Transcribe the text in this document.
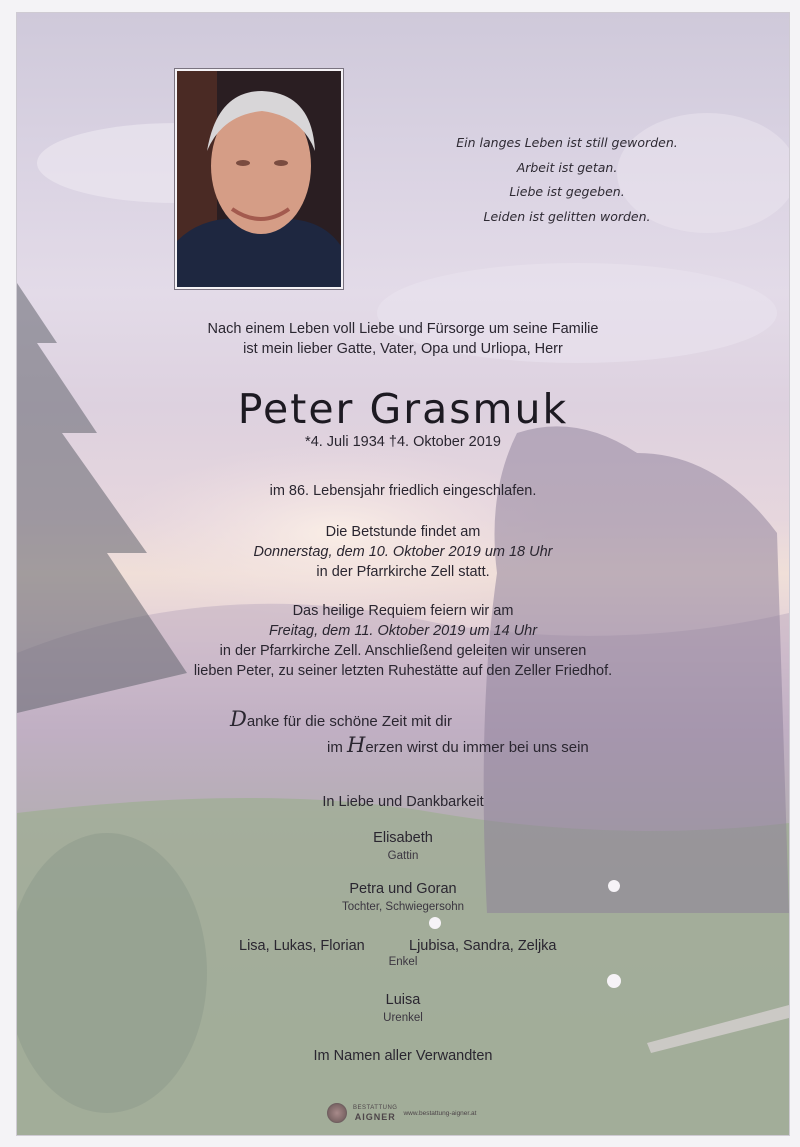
Ein langes Leben ist still geworden.
Arbeit ist getan.
Liebe ist gegeben.
Leiden ist gelitten worden.
Nach einem Leben voll Liebe und Fürsorge um seine Familie
ist mein lieber Gatte, Vater, Opa und Urliopa, Herr
Peter Grasmuk
*4. Juli 1934 †4. Oktober 2019
im 86. Lebensjahr friedlich eingeschlafen.
Die Betstunde findet am
Donnerstag, dem 10. Oktober 2019 um 18 Uhr
in der Pfarrkirche Zell statt.
Das heilige Requiem feiern wir am
Freitag, dem 11. Oktober 2019 um 14 Uhr
in der Pfarrkirche Zell. Anschließend geleiten wir unseren
lieben Peter, zu seiner letzten Ruhestätte auf den Zeller Friedhof.
Danke für die schöne Zeit mit dir
im Herzen wirst du immer bei uns sein
In Liebe und Dankbarkeit
Elisabeth
Gattin
Petra und Goran
Tochter, Schwiegersohn
Lisa, Lukas, Florian	Ljubisa, Sandra, Zeljka
Enkel
Luisa
Urenkel
Im Namen aller Verwandten
BESTATTUNG
AIGNER www.bestattung-aigner.at
